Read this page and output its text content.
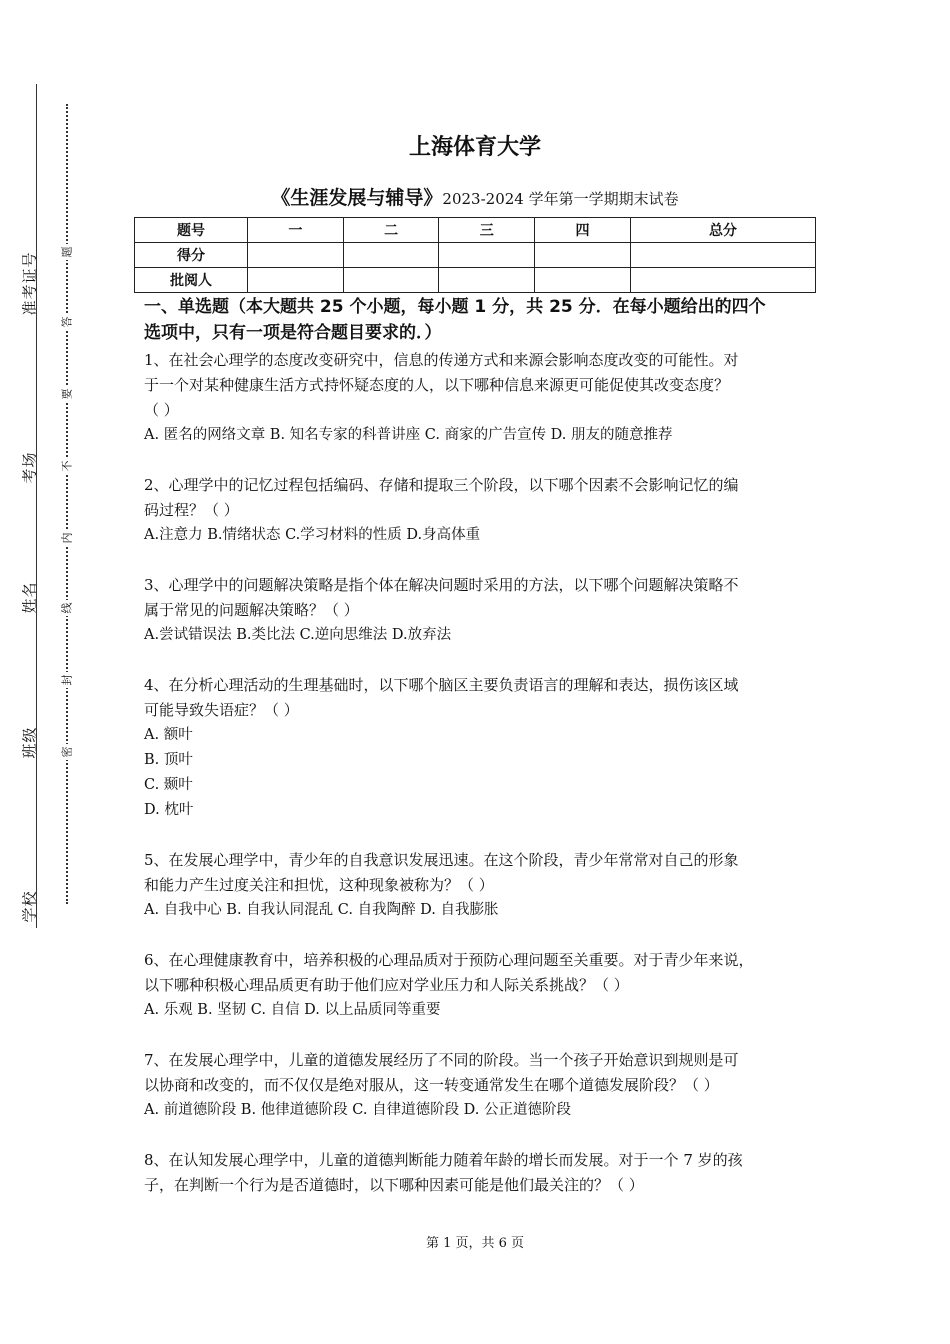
准考证号
考场
姓名
班级
学校
题
答
要
不
内
线
封
密
上海体育大学
《生涯发展与辅导》2023-2024 学年第一学期期末试卷
题号	一	二	三	四	总分
得分					
批阅人					
一、单选题（本大题共 25 个小题，每小题 1 分，共 25 分．在每小题给出的四个
选项中，只有一项是符合题目要求的．）
1、在社会心理学的态度改变研究中，信息的传递方式和来源会影响态度改变的可能性。对
于一个对某种健康生活方式持怀疑态度的人，以下哪种信息来源更可能促使其改变态度？
（ ）
A. 匿名的网络文章 B. 知名专家的科普讲座 C. 商家的广告宣传 D. 朋友的随意推荐
2、心理学中的记忆过程包括编码、存储和提取三个阶段，以下哪个因素不会影响记忆的编
码过程？（ ）
A.注意力 B.情绪状态 C.学习材料的性质 D.身高体重
3、心理学中的问题解决策略是指个体在解决问题时采用的方法，以下哪个问题解决策略不
属于常见的问题解决策略？（ ）
A.尝试错误法 B.类比法 C.逆向思维法 D.放弃法
4、在分析心理活动的生理基础时，以下哪个脑区主要负责语言的理解和表达，损伤该区域
可能导致失语症？（ ）
A. 额叶
B. 顶叶
C. 颞叶
D. 枕叶
5、在发展心理学中，青少年的自我意识发展迅速。在这个阶段，青少年常常对自己的形象
和能力产生过度关注和担忧，这种现象被称为？（ ）
A. 自我中心 B. 自我认同混乱 C. 自我陶醉 D. 自我膨胀
6、在心理健康教育中，培养积极的心理品质对于预防心理问题至关重要。对于青少年来说，
以下哪种积极心理品质更有助于他们应对学业压力和人际关系挑战？（ ）
A. 乐观 B. 坚韧 C. 自信 D. 以上品质同等重要
7、在发展心理学中，儿童的道德发展经历了不同的阶段。当一个孩子开始意识到规则是可
以协商和改变的，而不仅仅是绝对服从，这一转变通常发生在哪个道德发展阶段？（ ）
A. 前道德阶段 B. 他律道德阶段 C. 自律道德阶段 D. 公正道德阶段
8、在认知发展心理学中，儿童的道德判断能力随着年龄的增长而发展。对于一个 7 岁的孩
子，在判断一个行为是否道德时，以下哪种因素可能是他们最关注的？（ ）
第 1 页，共 6 页
